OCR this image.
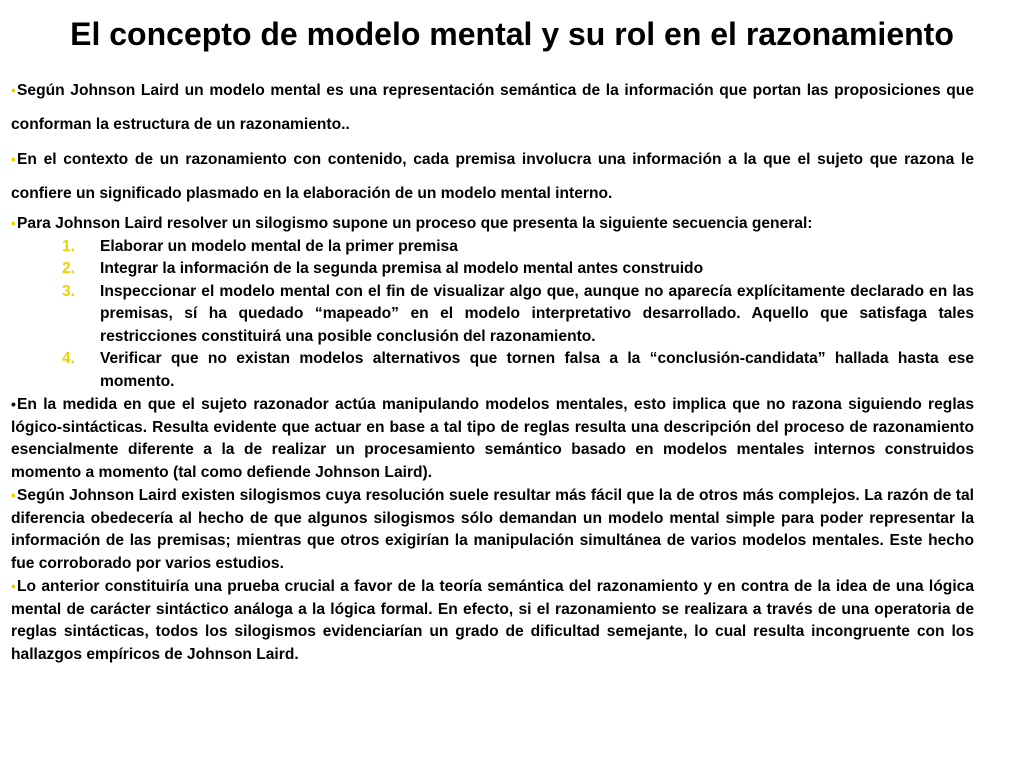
El concepto de modelo mental y su rol en el razonamiento

•Según Johnson Laird un modelo mental es una representación semántica de la información que portan las proposiciones que conforman la estructura de un razonamiento..

•En el contexto de un razonamiento con contenido, cada premisa involucra una información a la que el sujeto que razona le confiere un significado plasmado en la elaboración de un modelo mental interno.

•Para Johnson Laird resolver un silogismo supone un proceso que presenta la siguiente secuencia general:

1. Elaborar un modelo mental de la primer premisa
2. Integrar la información de la segunda premisa al modelo mental antes construido
3. Inspeccionar el modelo mental con el fin de visualizar algo que, aunque no aparecía explícitamente declarado en las premisas, sí ha quedado “mapeado” en el modelo interpretativo desarrollado. Aquello que satisfaga tales restricciones constituirá una posible conclusión del razonamiento.
4. Verificar que no existan modelos alternativos que tornen falsa a la “conclusión-candidata” hallada hasta ese momento.

•En la medida en que el sujeto razonador actúa manipulando modelos mentales, esto implica que no razona siguiendo reglas lógico-sintácticas. Resulta evidente que actuar en base a tal tipo de reglas resulta una descripción del proceso de razonamiento esencialmente diferente a la de realizar un procesamiento semántico basado en modelos mentales internos construidos momento a momento (tal como defiende Johnson Laird).

•Según Johnson Laird existen silogismos cuya resolución suele resultar más fácil que la de otros más complejos. La razón de tal diferencia obedecería al hecho de que algunos silogismos sólo demandan un modelo mental simple para poder representar la información de las premisas; mientras que otros exigirían la manipulación simultánea de varios modelos mentales. Este hecho fue corroborado por varios estudios.

•Lo anterior constituiría una prueba crucial a favor de la teoría semántica del razonamiento y en contra de la idea de una lógica mental de carácter sintáctico análoga a la lógica formal. En efecto, si el razonamiento se realizara a través de una operatoria de reglas sintácticas, todos los silogismos evidenciarían un grado de dificultad semejante, lo cual resulta incongruente con los hallazgos empíricos de Johnson Laird.
